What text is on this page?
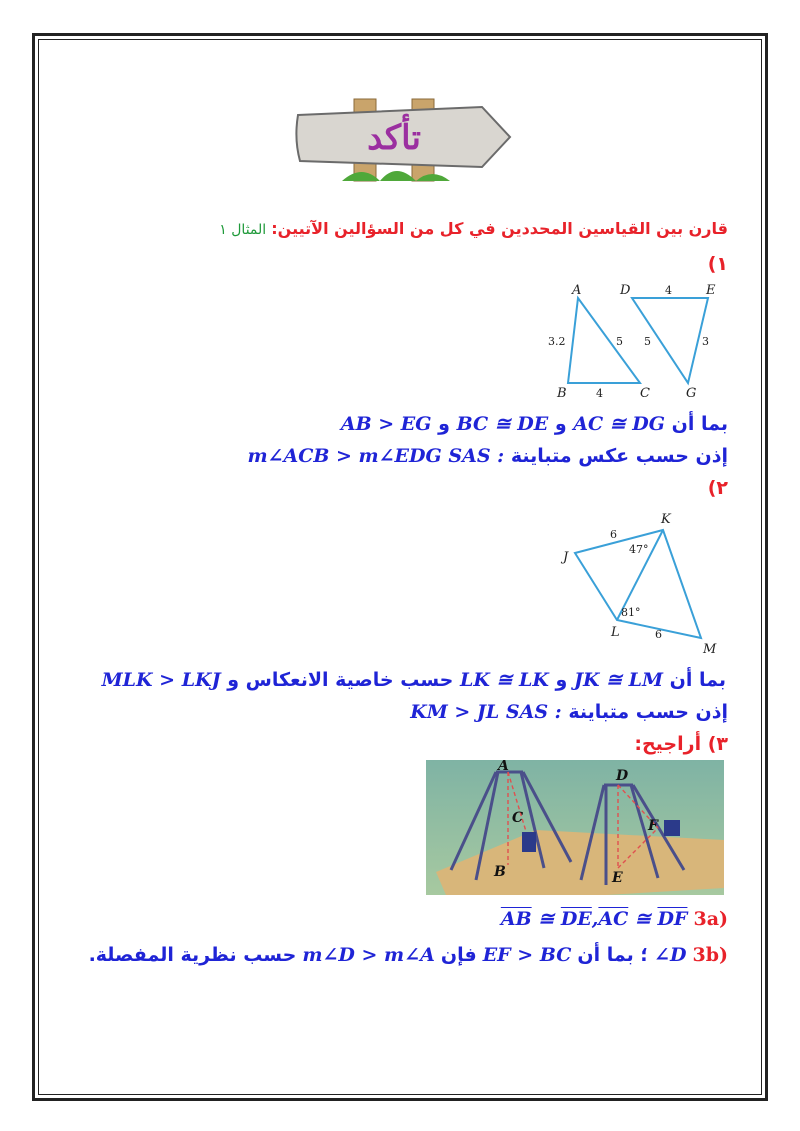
تأكد
قارن بين القياسين المحددين في كل من السؤالين الآتيين: المثال ١
١)
A
B	C
D	E
G
3.2	5
4
5
4
3
بما أن AC ≅ DG و BC ≅ DE و AB > EG
إذن حسب عكس متباينة SAS : m∠ACB > m∠EDG
٢)
J
K
L
M
6
6
47°
81°
بما أن JK ≅ LM و LK ≅ LK حسب خاصية الانعكاس و MLK > LKJ
إذن حسب متباينة SAS : KM > JL
٣) أراجيح:
A
B
C
D
E
F
(3a $\overline{AB}$ ≅ $\overline{DE},\overline{AC}$ ≅ $\overline{DF}$
(3b ∠D ؛ بما أن EF > BC فإن m∠D > m∠A حسب نظرية المفصلة.
